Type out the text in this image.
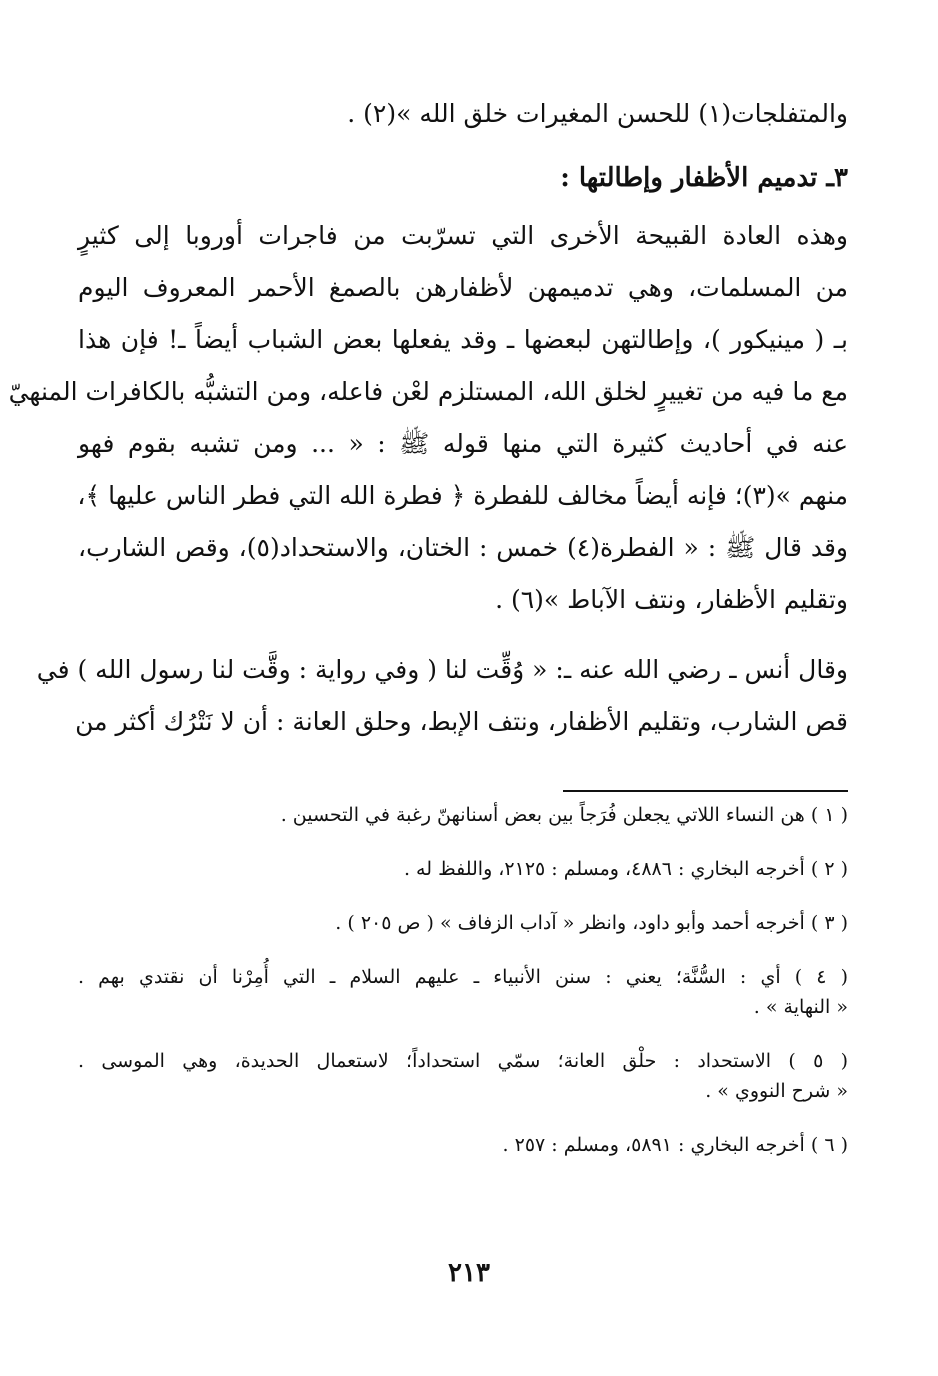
والمتفلجات(١) للحسن المغيرات خلق الله »(٢) .
٣ـ تدميم الأظفار وإطالتها :
وهذه العادة القبيحة الأخرى التي تسرّبت من فاجرات أوروبا إلى كثيرٍ
من المسلمات، وهي تدميمهن لأظفارهن بالصمغ الأحمر المعروف اليوم
بـ ( مينيكور )، وإطالتهن لبعضها ـ وقد يفعلها بعض الشباب أيضاً ـ! فإن هذا
مع ما فيه من تغييرٍ لخلق الله، المستلزم لعْن فاعله، ومن التشبُّه بالكافرات المنهيّ
عنه في أحاديث كثيرة التي منها قوله ﷺ : « ... ومن تشبه بقوم فهو
منهم »(٣)؛ فإنه أيضاً مخالف للفطرة ﴿ فطرة الله التي فطر الناس عليها ﴾،
وقد قال ﷺ : « الفطرة(٤) خمس : الختان، والاستحداد(٥)، وقص الشارب،
وتقليم الأظفار، ونتف الآباط »(٦) .
وقال أنس ـ رضي الله عنه ـ: « وُقِّت لنا ( وفي رواية : وقَّت لنا رسول الله ) في
قص الشارب، وتقليم الأظفار، ونتف الإبط، وحلق العانة : أن لا نَتْرُك أكثر من
( ١ ) هن النساء اللاتي يجعلن فُرَجاً بين بعض أسنانهنّ رغبة في التحسين .
( ٢ ) أخرجه البخاري : ٤٨٨٦، ومسلم : ٢١٢٥، واللفظ له .
( ٣ ) أخرجه أحمد وأبو داود، وانظر « آداب الزفاف » ( ص ٢٠٥ ) .
( ٤ ) أي : السُّنَّة؛ يعني : سنن الأنبياء ـ عليهم السلام ـ التي أُمِرْنا أن نقتدي بهم .
« النهاية » .
( ٥ ) الاستحداد : حلْق العانة؛ سمّي استحداداً؛ لاستعمال الحديدة، وهي الموسى .
« شرح النووي » .
( ٦ ) أخرجه البخاري : ٥٨٩١، ومسلم : ٢٥٧ .
٢١٣
